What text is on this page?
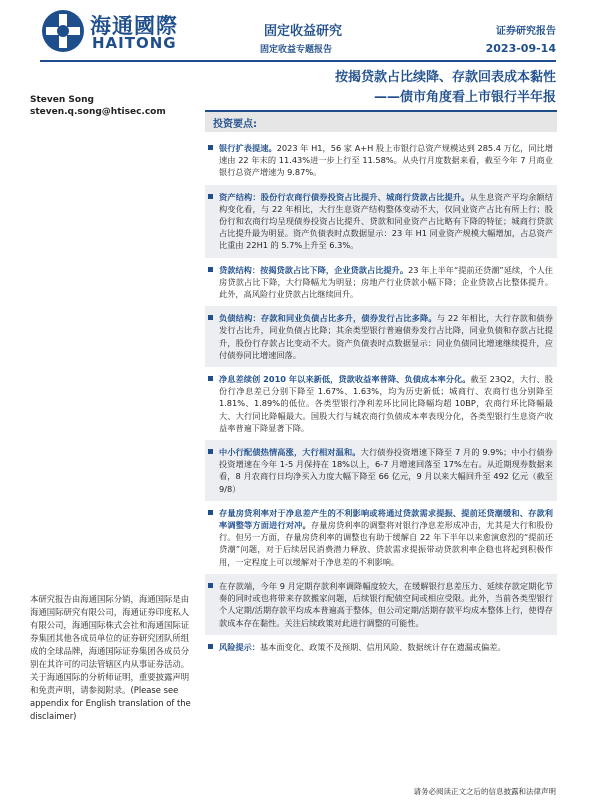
海通國際
HAITONG
固定收益研究
固定收益专题报告
证券研究报告
2023-09-14
按揭贷款占比续降、存款回表成本黏性
——债市角度看上市银行半年报
Steven Song
steven.q.song@htisec.com
投资要点:
银行扩表提速。2023 年 H1，56 家 A+H 股上市银行总资产规模达到 285.4 万亿，同比增速由 22 年末的 11.43%进一步上行至 11.58%。从央行月度数据来看，截至今年 7 月商业银行总资产增速为 9.87%。
资产结构：股份行农商行债券投资占比提升、城商行贷款占比提升。从生息资产平均余额结构变化看，与 22 年相比，大行生息资产结构整体变动不大，仅同业资产占比有所上行；股份行和农商行均呈现债券投资占比提升、贷款和同业资产占比略有下降的特征；城商行贷款占比提升最为明显。资产负债表时点数据显示：23 年 H1 同业资产规模大幅增加，占总资产比重由 22H1 的 5.7%上升至 6.3%。
贷款结构：按揭贷款占比下降，企业贷款占比提升。23 年上半年“提前还贷潮”延续，个人住房贷款占比下降，大行降幅尤为明显；房地产行业贷款小幅下降；企业贷款占比整体提升。此外，高风险行业贷款占比继续回升。
负债结构：存款和同业负债占比多升，债券发行占比多降。与 22 年相比，大行存款和债券发行占比升，同业负债占比降；其余类型银行普遍债券发行占比降，同业负债和存款占比提升，股份行存款占比变动不大。资产负债表时点数据显示：同业负债同比增速继续提升，应付债券同比增速回落。
净息差续创 2010 年以来新低，贷款收益率普降、负债成本率分化。截至 23Q2，大行、股份行净息差已分别下降至 1.67%、1.63%，均为历史新低；城商行、农商行也分别降至 1.81%、1.89%的低位。各类型银行净利差环比同比降幅均超 10BP，农商行环比降幅最大、大行同比降幅最大。国股大行与城农商行负债成本率表现分化，各类型银行生息资产收益率普遍下降显著下降。
中小行配债热情高涨，大行相对温和。大行债券投资增速下降至 7 月的 9.9%；中小行债券投资增速在今年 1-5 月保持在 18%以上，6-7 月增速回落至 17%左右。从近期现券数据来看，8 月农商行日均净买入力度大幅下降至 66 亿元，9 月以来大幅回升至 492 亿元（截至 9/8）
存量房贷利率对于净息差产生的不利影响或将通过贷款需求提振、提前还贷潮缓和、存款利率调整等方面进行对冲。存量房贷利率的调整将对银行净息差形成冲击，尤其是大行和股份行。但另一方面，存量房贷利率的调整也有助于缓解自 22 年下半年以来愈演愈烈的“提前还贷潮”问题，对于后续居民消费潜力释放、贷款需求提振带动贷款利率企稳也将起到积极作用，一定程度上可以缓解对于净息差的不利影响。
在存款端，今年 9 月定期存款利率调降幅度较大，在缓解银行息差压力、延续存款定期化节奏的同时或也将带来存款搬家问题，后续银行配债空间或相应受限。此外，当前各类型银行个人定期/活期存款平均成本普遍高于整体，但公司定期/活期存款平均成本整体上行，使得存款成本存在黏性。关注后续政策对此进行调整的可能性。
风险提示：基本面变化、政策不及预期、信用风险、数据统计存在遗漏或偏差。
本研究报告由海通国际分销，海通国际是由海通国际研究有限公司，海通证券印度私人有限公司，海通国际株式会社和海通国际证券集团其他各成员单位的证券研究团队所组成的全球品牌，海通国际证券集团各成员分别在其许可的司法管辖区内从事证券活动。关于海通国际的分析师证明，重要披露声明和免责声明，请参阅附录。(Please see appendix for English translation of the disclaimer)
请务必阅读正文之后的信息披露和法律声明
